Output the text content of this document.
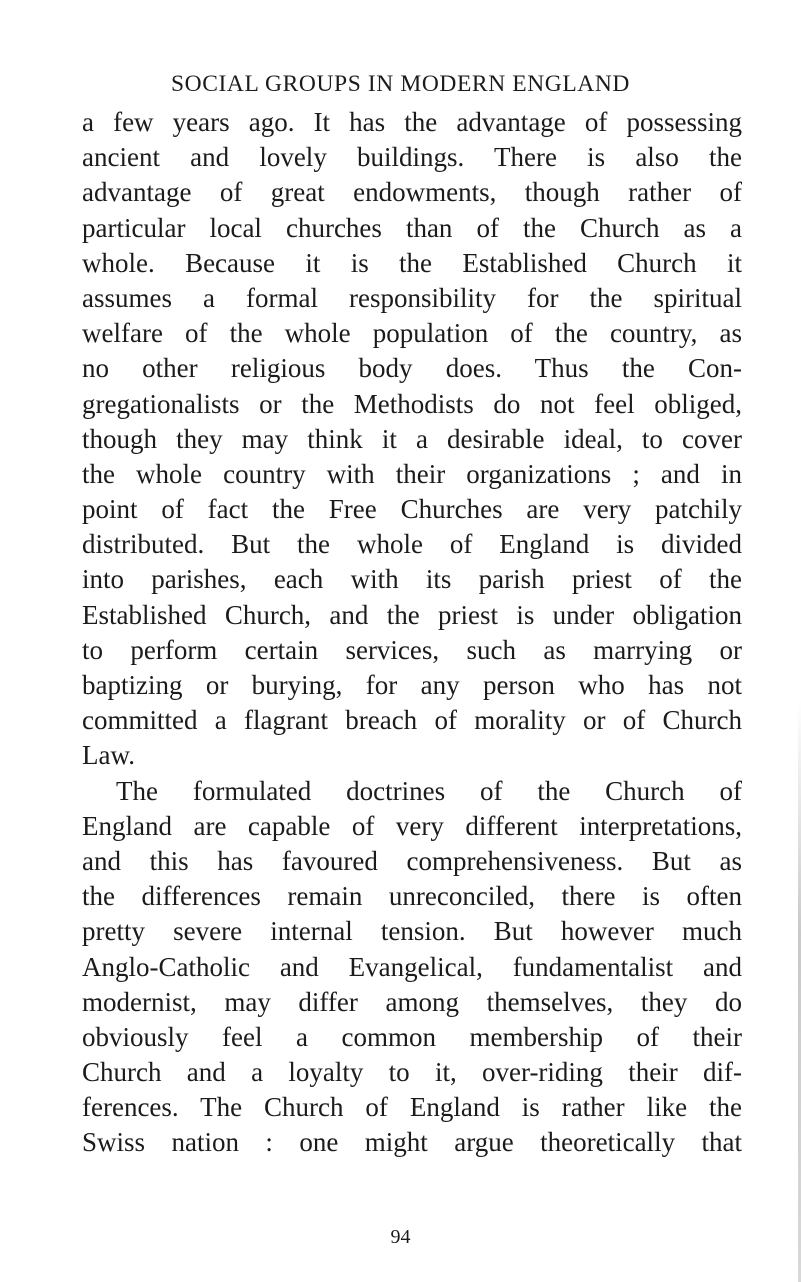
SOCIAL GROUPS IN MODERN ENGLAND
a few years ago. It has the advantage of possessing
ancient and lovely buildings. There is also the
advantage of great endowments, though rather of
particular local churches than of the Church as a
whole. Because it is the Established Church it
assumes a formal responsibility for the spiritual
welfare of the whole population of the country, as
no other religious body does. Thus the Con-
gregationalists or the Methodists do not feel obliged,
though they may think it a desirable ideal, to cover
the whole country with their organizations ; and in
point of fact the Free Churches are very patchily
distributed. But the whole of England is divided
into parishes, each with its parish priest of the
Established Church, and the priest is under obligation
to perform certain services, such as marrying or
baptizing or burying, for any person who has not
committed a flagrant breach of morality or of Church
Law.
The formulated doctrines of the Church of
England are capable of very different interpretations,
and this has favoured comprehensiveness. But as
the differences remain unreconciled, there is often
pretty severe internal tension. But however much
Anglo-Catholic and Evangelical, fundamentalist and
modernist, may differ among themselves, they do
obviously feel a common membership of their
Church and a loyalty to it, over-riding their dif-
ferences. The Church of England is rather like the
Swiss nation : one might argue theoretically that
94
